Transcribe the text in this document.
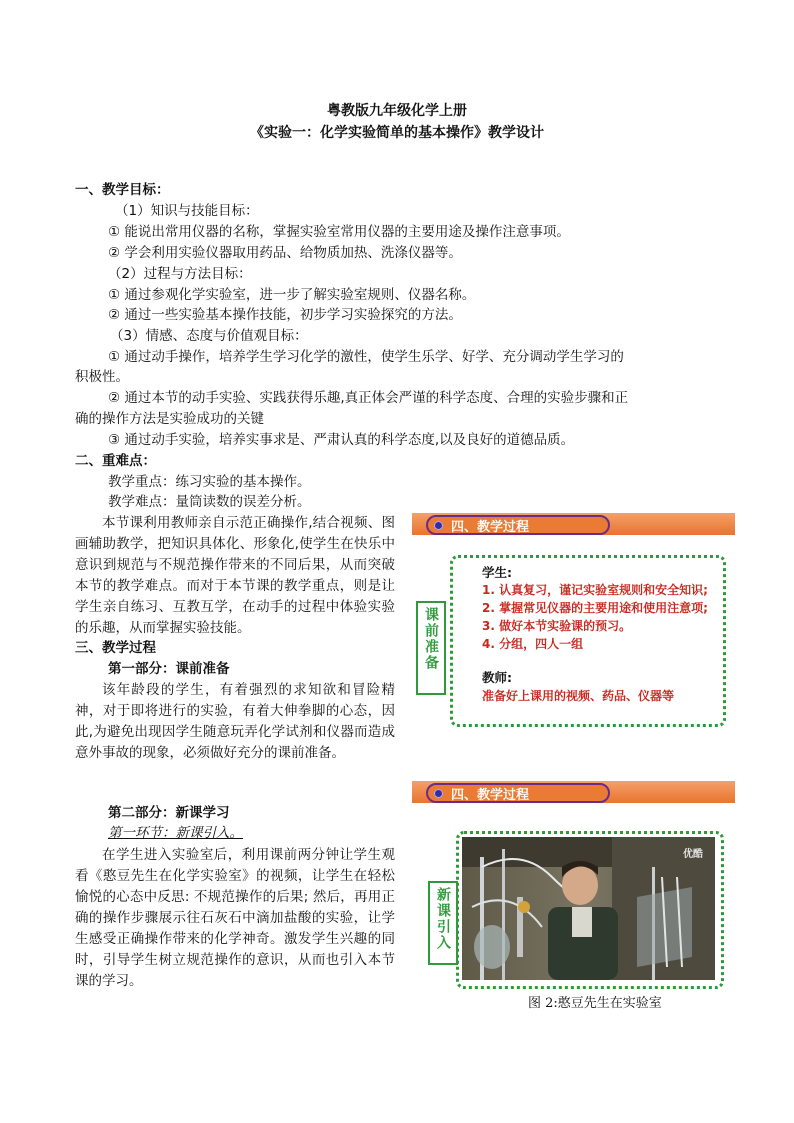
粤教版九年级化学上册
《实验一：化学实验简单的基本操作》教学设计
一、教学目标：
（1）知识与技能目标：
① 能说出常用仪器的名称，掌握实验室常用仪器的主要用途及操作注意事项。
② 学会利用实验仪器取用药品、给物质加热、洗涤仪器等。
（2）过程与方法目标：
① 通过参观化学实验室，进一步了解实验室规则、仪器名称。
② 通过一些实验基本操作技能，初步学习实验探究的方法。
（3）情感、态度与价值观目标：
① 通过动手操作，培养学生学习化学的激性，使学生乐学、好学、充分调动学生学习的
积极性。
② 通过本节的动手实验、实践获得乐趣,真正体会严谨的科学态度、合理的实验步骤和正
确的操作方法是实验成功的关键
③ 通过动手实验，培养实事求是、严肃认真的科学态度,以及良好的道德品质。
二、重难点：
教学重点：练习实验的基本操作。
教学难点：量筒读数的误差分析。
本节课利用教师亲自示范正确操作,结合视频、图画辅助教学，把知识具体化、形象化,使学生在快乐中意识到规范与不规范操作带来的不同后果，从而突破本节的教学难点。而对于本节课的教学重点，则是让学生亲自练习、互教互学，在动手的过程中体验实验的乐趣，从而掌握实验技能。
三、教学过程
第一部分：课前准备
该年龄段的学生，有着强烈的求知欲和冒险精神，对于即将进行的实验，有着大伸拳脚的心态，因此,为避免出现因学生随意玩弄化学试剂和仪器而造成意外事故的现象，必须做好充分的课前准备。
第二部分：新课学习
第一环节：新课引入。
在学生进入实验室后，利用课前两分钟让学生观看《憨豆先生在化学实验室》的视频，让学生在轻松愉悦的心态中反思: 不规范操作的后果; 然后，再用正确的操作步骤展示往石灰石中滴加盐酸的实验，让学生感受正确操作带来的化学神奇。激发学生兴趣的同时，引导学生树立规范操作的意识，从而也引入本节课的学习。
四、教学过程
课前准备
学生:
1. 认真复习，谨记实验室规则和安全知识;
2. 掌握常见仪器的主要用途和使用注意项;
3. 做好本节实验课的预习。
4. 分组，四人一组
教师:
准备好上课用的视频、药品、仪器等
四、教学过程
新课引入
优酷
图 2:憨豆先生在实验室
